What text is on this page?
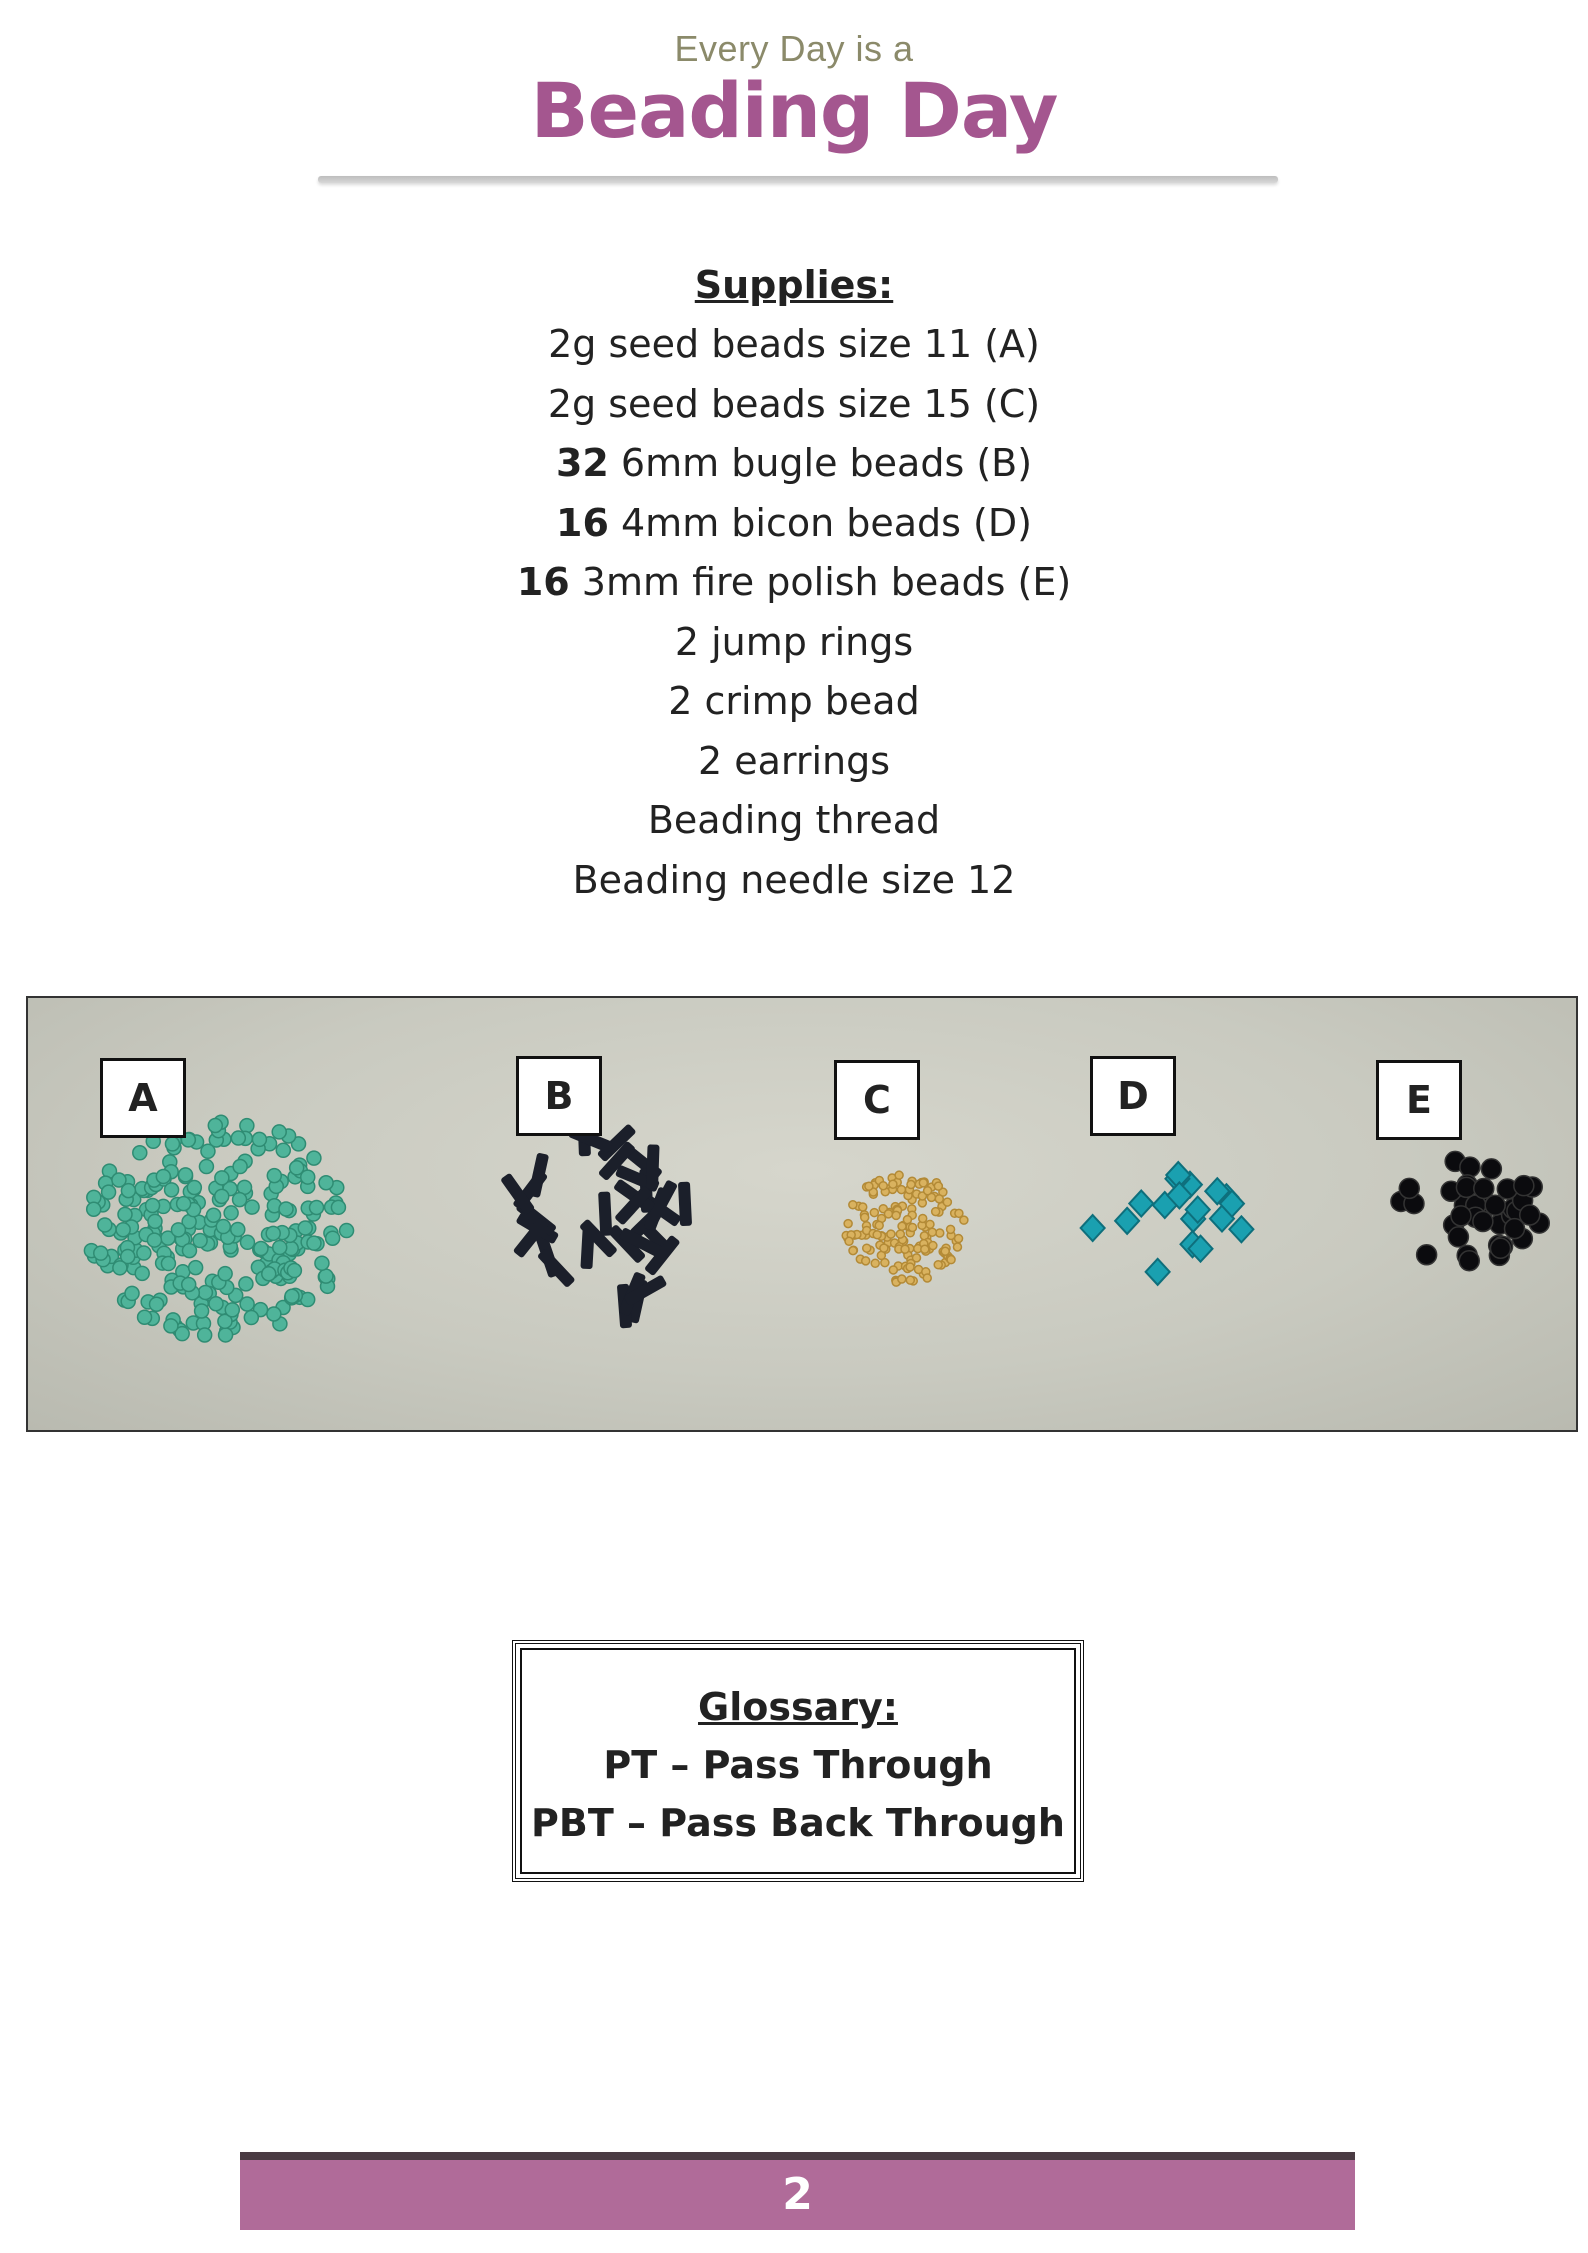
Every Day is a
Beading Day
Supplies:
2g seed beads size 11 (A)
2g seed beads size 15 (C)
32 6mm bugle beads (B)
16 4mm bicon beads (D)
16 3mm fire polish beads (E)
2 jump rings
2 crimp bead
2 earrings
Beading thread
Beading needle size 12
A	B	C	D	E
Glossary:
PT – Pass Through
PBT – Pass Back Through
2
